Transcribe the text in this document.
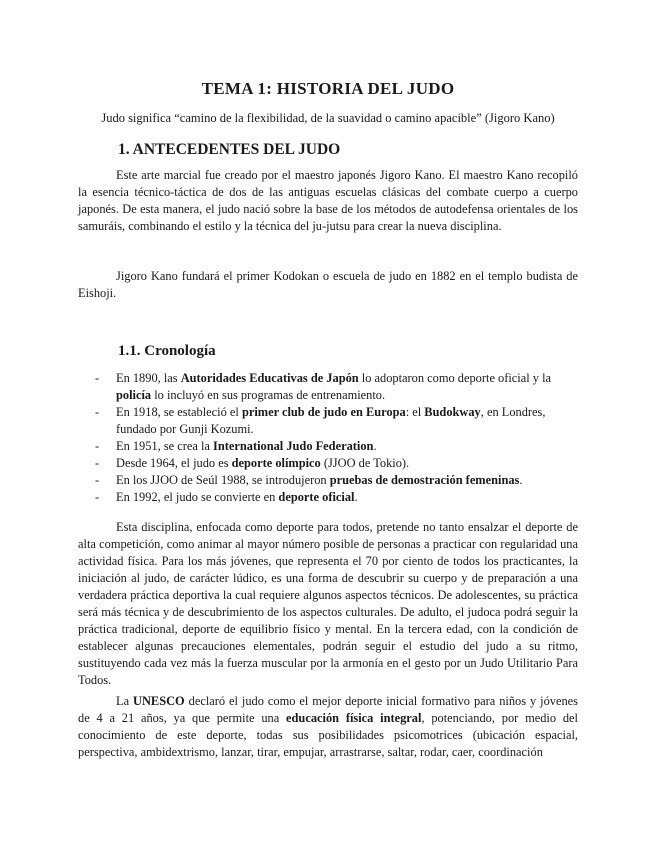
TEMA 1: HISTORIA DEL JUDO
Judo significa “camino de la flexibilidad, de la suavidad o camino apacible” (Jigoro Kano)
1. ANTECEDENTES DEL JUDO

Este arte marcial fue creado por el maestro japonés Jigoro Kano. El maestro Kano recopiló la esencia técnico-táctica de dos de las antiguas escuelas clásicas del combate cuerpo a cuerpo japonés. De esta manera, el judo nació sobre la base de los métodos de autodefensa orientales de los samuráis, combinando el estilo y la técnica del ju-jutsu para crear la nueva disciplina.

Jigoro Kano fundará el primer Kodokan o escuela de judo en 1882 en el templo budista de Eishoji.

1.1. Cronología
- En 1890, las Autoridades Educativas de Japón lo adoptaron como deporte oficial y la policía lo incluyó en sus programas de entrenamiento.
- En 1918, se estableció el primer club de judo en Europa: el Budokway, en Londres, fundado por Gunji Kozumi.
- En 1951, se crea la International Judo Federation.
- Desde 1964, el judo es deporte olímpico (JJOO de Tokio).
- En los JJOO de Seúl 1988, se introdujeron pruebas de demostración femeninas.
- En 1992, el judo se convierte en deporte oficial.

Esta disciplina, enfocada como deporte para todos, pretende no tanto ensalzar el deporte de alta competición, como animar al mayor número posible de personas a practicar con regularidad una actividad física. Para los más jóvenes, que representa el 70 por ciento de todos los practicantes, la iniciación al judo, de carácter lúdico, es una forma de descubrir su cuerpo y de preparación a una verdadera práctica deportiva la cual requiere algunos aspectos técnicos. De adolescentes, su práctica será más técnica y de descubrimiento de los aspectos culturales. De adulto, el judoca podrá seguir la práctica tradicional, deporte de equilibrio físico y mental. En la tercera edad, con la condición de establecer algunas precauciones elementales, podrán seguir el estudio del judo a su ritmo, sustituyendo cada vez más la fuerza muscular por la armonía en el gesto por un Judo Utilitario Para Todos.

La UNESCO declaró el judo como el mejor deporte inicial formativo para niños y jóvenes de 4 a 21 años, ya que permite una educación física integral, potenciando, por medio del conocimiento de este deporte, todas sus posibilidades psicomotrices (ubicación espacial, perspectiva, ambidextrismo, lanzar, tirar, empujar, arrastrarse, saltar, rodar, caer, coordinación
